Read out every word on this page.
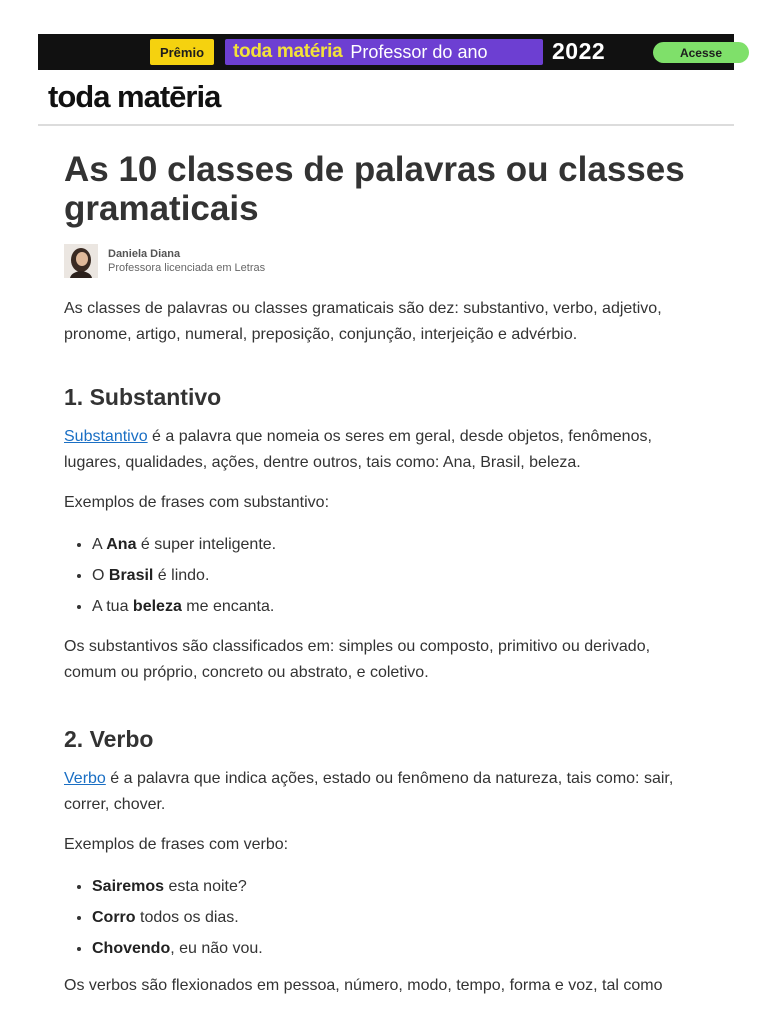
Prêmio	toda matéria Professor do ano	2022	Acesse
toda matēria
As 10 classes de palavras ou classes gramaticais
Daniela Diana
Professora licenciada em Letras

As classes de palavras ou classes gramaticais são dez: substantivo, verbo, adjetivo, pronome, artigo, numeral, preposição, conjunção, interjeição e advérbio.

1. Substantivo

Substantivo é a palavra que nomeia os seres em geral, desde objetos, fenômenos, lugares, qualidades, ações, dentre outros, tais como: Ana, Brasil, beleza.

Exemplos de frases com substantivo:

• A Ana é super inteligente.
• O Brasil é lindo.
• A tua beleza me encanta.

Os substantivos são classificados em: simples ou composto, primitivo ou derivado, comum ou próprio, concreto ou abstrato, e coletivo.

2. Verbo

Verbo é a palavra que indica ações, estado ou fenômeno da natureza, tais como: sair, correr, chover.

Exemplos de frases com verbo:

• Sairemos esta noite?
• Corro todos os dias.
• Chovendo, eu não vou.

Os verbos são flexionados em pessoa, número, modo, tempo, forma e voz, tal como
